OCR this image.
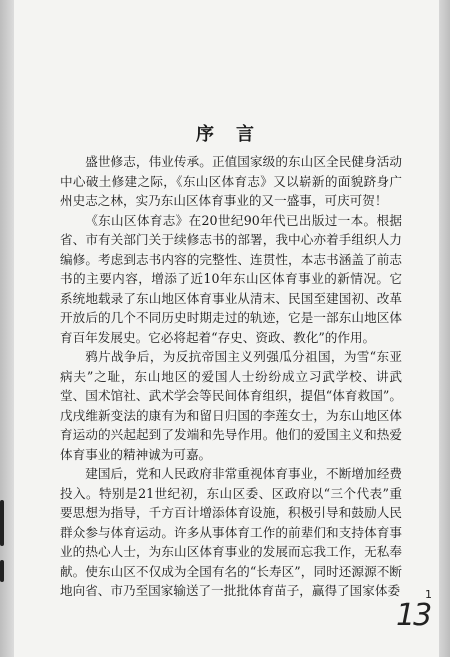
序言

盛世修志，伟业传承。正值国家级的东山区全民健身活动中心破土修建之际，《东山区体育志》又以崭新的面貌跻身广州史志之林，实乃东山区体育事业的又一盛事，可庆可贺！

《东山区体育志》在20世纪90年代已出版过一本。根据省、市有关部门关于续修志书的部署，我中心亦着手组织人力编修。考虑到志书内容的完整性、连贯性，本志书涵盖了前志书的主要内容，增添了近10年东山区体育事业的新情况。它系统地载录了东山地区体育事业从清末、民国至建国初、改革开放后的几个不同历史时期走过的轨迹，它是一部东山地区体育百年发展史。它必将起着“存史、资政、教化”的作用。

鸦片战争后，为反抗帝国主义列强瓜分祖国，为雪“东亚病夫”之耻，东山地区的爱国人士纷纷成立习武学校、讲武堂、国术馆社、武术学会等民间体育组织，提倡“体育救国”。戊戌维新变法的康有为和留日归国的李莲女士，为东山地区体育运动的兴起起到了发端和先导作用。他们的爱国主义和热爱体育事业的精神诚为可嘉。

建国后，党和人民政府非常重视体育事业，不断增加经费投入。特别是21世纪初，东山区委、区政府以“三个代表”重要思想为指导，千方百计增添体育设施，积极引导和鼓励人民群众参与体育运动。许多从事体育工作的前辈们和支持体育事业的热心人士，为东山区体育事业的发展而忘我工作，无私奉献。使东山区不仅成为全国有名的“长寿区”，同时还源源不断地向省、市乃至国家输送了一批批体育苗子，赢得了国家体委

13
1
